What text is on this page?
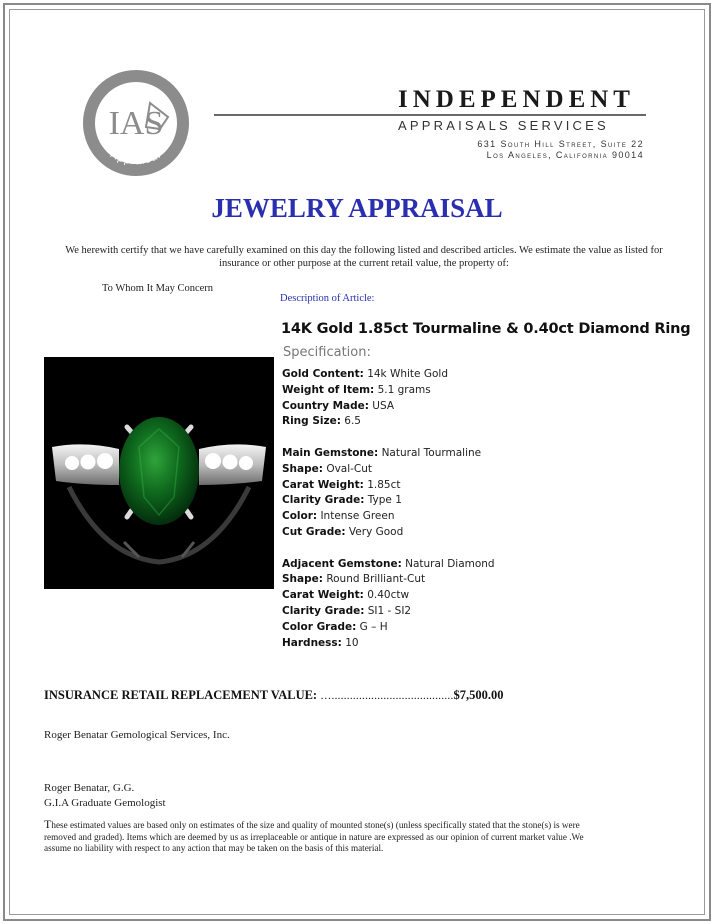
IAS
Appraisal
INDEPENDENT
APPRAISALS SERVICES
631 South Hill Street, Suite 22
Los Angeles, California 90014
JEWELRY APPRAISAL
We herewith certify that we have carefully examined on this day the following listed and described articles. We estimate the value as listed for insurance or other purpose at the current retail value, the property of:
To Whom It May Concern
Description of Article:
14K Gold 1.85ct Tourmaline & 0.40ct Diamond Ring
Specification:
Gold Content: 14k White Gold
Weight of Item: 5.1 grams
Country Made: USA
Ring Size: 6.5
Main Gemstone: Natural Tourmaline
Shape: Oval-Cut
Carat Weight: 1.85ct
Clarity Grade: Type 1
Color: Intense Green
Cut Grade: Very Good
Adjacent Gemstone: Natural Diamond
Shape: Round Brilliant-Cut
Carat Weight: 0.40ctw
Clarity Grade: SI1 - SI2
Color Grade: G – H
Hardness: 10
INSURANCE RETAIL REPLACEMENT VALUE: …........................................$7,500.00
Roger Benatar Gemological Services, Inc.
Roger Benatar, G.G.
G.I.A Graduate Gemologist
These estimated values are based only on estimates of the size and quality of mounted stone(s) (unless specifically stated that the stone(s) is were removed and graded). Items which are deemed by us as irreplaceable or antique in nature are expressed as our opinion of current market value .We assume no liability with respect to any action that may be taken on the basis of this material.
